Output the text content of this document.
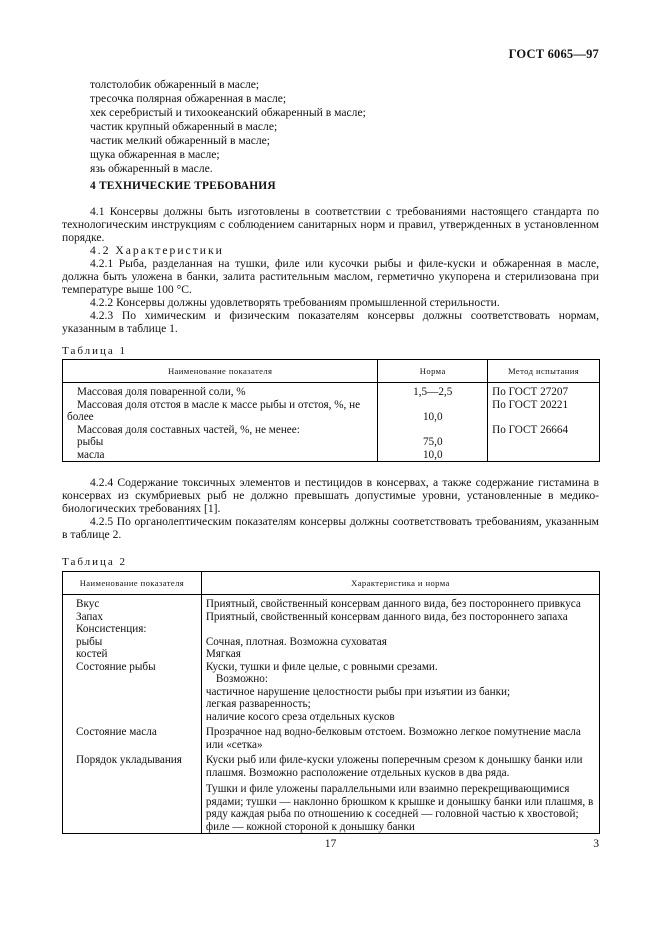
ГОСТ 6065—97
толстолобик обжаренный в масле;
тресочка полярная обжаренная в масле;
хек серебристый и тихоокеанский обжаренный в масле;
частик крупный обжаренный в масле;
частик мелкий обжаренный в масле;
щука обжаренная в масле;
язь обжаренный в масле.
4 ТЕХНИЧЕСКИЕ ТРЕБОВАНИЯ
4.1 Консервы должны быть изготовлены в соответствии с требованиями настоящего стандарта по технологическим инструкциям с соблюдением санитарных норм и правил, утвержденных в установленном порядке.
4.2 Характеристики
4.2.1 Рыба, разделанная на тушки, филе или кусочки рыбы и филе-куски и обжаренная в масле, должна быть уложена в банки, залита растительным маслом, герметично укупорена и стерилизована при температуре выше 100 °С.
4.2.2 Консервы должны удовлетворять требованиям промышленной стерильности.
4.2.3 По химическим и физическим показателям консервы должны соответствовать нормам, указанным в таблице 1.
Таблица 1
Наименование показателя	Норма	Метод испытания
Массовая доля поваренной соли, %	1,5—2,5	По ГОСТ 27207
Массовая доля отстоя в масле к массе рыбы и отстоя, %, не		По ГОСТ 20221
более	10,0	
Массовая доля составных частей, %, не менее:		По ГОСТ 26664
рыбы	75,0	
масла	10,0	
4.2.4 Содержание токсичных элементов и пестицидов в консервах, а также содержание гистамина в консервах из скумбриевых рыб не должно превышать допустимые уровни, установленные в медико-биологических требованиях [1].
4.2.5 По органолептическим показателям консервы должны соответствовать требованиям, указанным в таблице 2.
Таблица 2
Наименование показателя	Характеристика и норма
Вкус	Приятный, свойственный консервам данного вида, без постороннего привкуса

Запах	Приятный, свойственный консервам данного вида, без постороннего запаха

Консистенция:	
рыбы	Сочная, плотная. Возможна суховатая

костей	Мягкая

Состояние рыбы	Куски, тушки и филе целые, с ровными срезами.
Возможно:
частичное нарушение целостности рыбы при изъятии из банки;
легкая разваренность;
наличие косого среза отдельных кусков

Состояние масла	Прозрачное над водно-белковым отстоем. Возможно легкое помутнение масла или «сетка»

Порядок укладывания	Куски рыб или филе-куски уложены поперечным срезом к донышку банки или плашмя. Возможно расположение отдельных кусков в два ряда.
Тушки и филе уложены параллельными или взаимно перекрещивающимися рядами; тушки — наклонно брюшком к крышке и донышку банки или плашмя, в ряду каждая рыба по отношению к соседней — головной частью к хвостовой; филе — кожной стороной к донышку банки
17	3
